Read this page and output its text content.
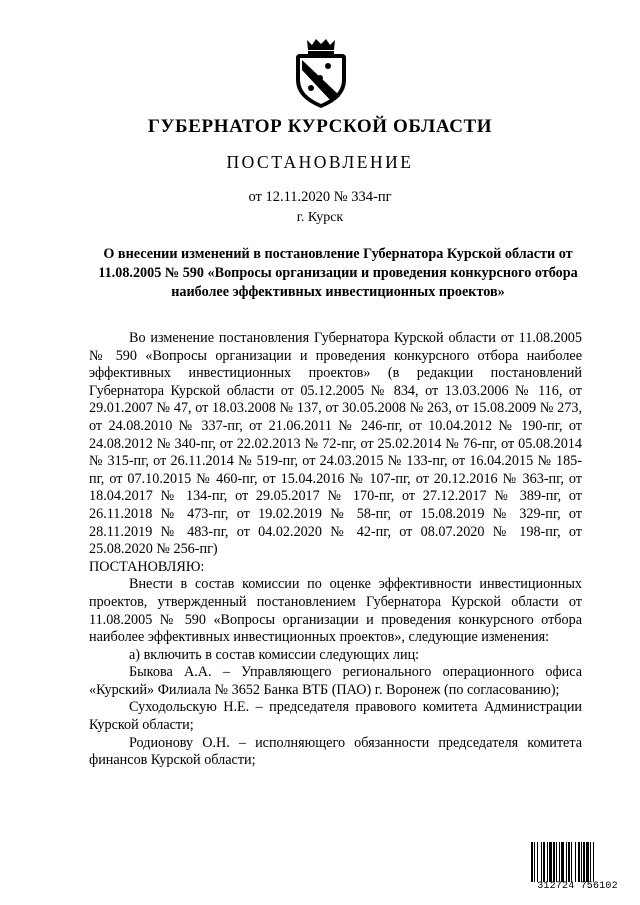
ГУБЕРНАТОР КУРСКОЙ ОБЛАСТИ
ПОСТАНОВЛЕНИЕ
от 12.11.2020 № 334-пг
г. Курск
О внесении изменений в постановление Губернатора Курской области от 11.08.2005 № 590 «Вопросы организации и проведения конкурсного отбора наиболее эффективных инвестиционных проектов»

Во изменение постановления Губернатора Курской области от 11.08.2005 № 590 «Вопросы организации и проведения конкурсного отбора наиболее эффективных инвестиционных проектов» (в редакции постановлений Губернатора Курской области от 05.12.2005 № 834, от 13.03.2006 № 116, от 29.01.2007 № 47, от 18.03.2008 № 137, от 30.05.2008 № 263, от 15.08.2009 № 273, от 24.08.2010 № 337-пг, от 21.06.2011 № 246-пг, от 10.04.2012 № 190-пг, от 24.08.2012 № 340-пг, от 22.02.2013 № 72-пг, от 25.02.2014 № 76-пг, от 05.08.2014 № 315-пг, от 26.11.2014 № 519-пг, от 24.03.2015 № 133-пг, от 16.04.2015 № 185-пг, от 07.10.2015 № 460-пг, от 15.04.2016 № 107-пг, от 20.12.2016 № 363-пг, от 18.04.2017 № 134-пг, от 29.05.2017 № 170-пг, от 27.12.2017 № 389-пг, от 26.11.2018 № 473-пг, от 19.02.2019 № 58-пг, от 15.08.2019 № 329-пг, от 28.11.2019 № 483-пг, от 04.02.2020 № 42-пг, от 08.07.2020 № 198-пг, от 25.08.2020 № 256-пг)

ПОСТАНОВЛЯЮ:

Внести в состав комиссии по оценке эффективности инвестиционных проектов, утвержденный постановлением Губернатора Курской области от 11.08.2005 № 590 «Вопросы организации и проведения конкурсного отбора наиболее эффективных инвестиционных проектов», следующие изменения:

а) включить в состав комиссии следующих лиц:

Быкова А.А. – Управляющего регионального операционного офиса «Курский» Филиала № 3652 Банка ВТБ (ПАО) г. Воронеж (по согласованию);

Суходольскую Н.Е. – председателя правового комитета Администрации Курской области;

Родионову О.Н. – исполняющего обязанности председателя комитета финансов Курской области;

312724 756102
